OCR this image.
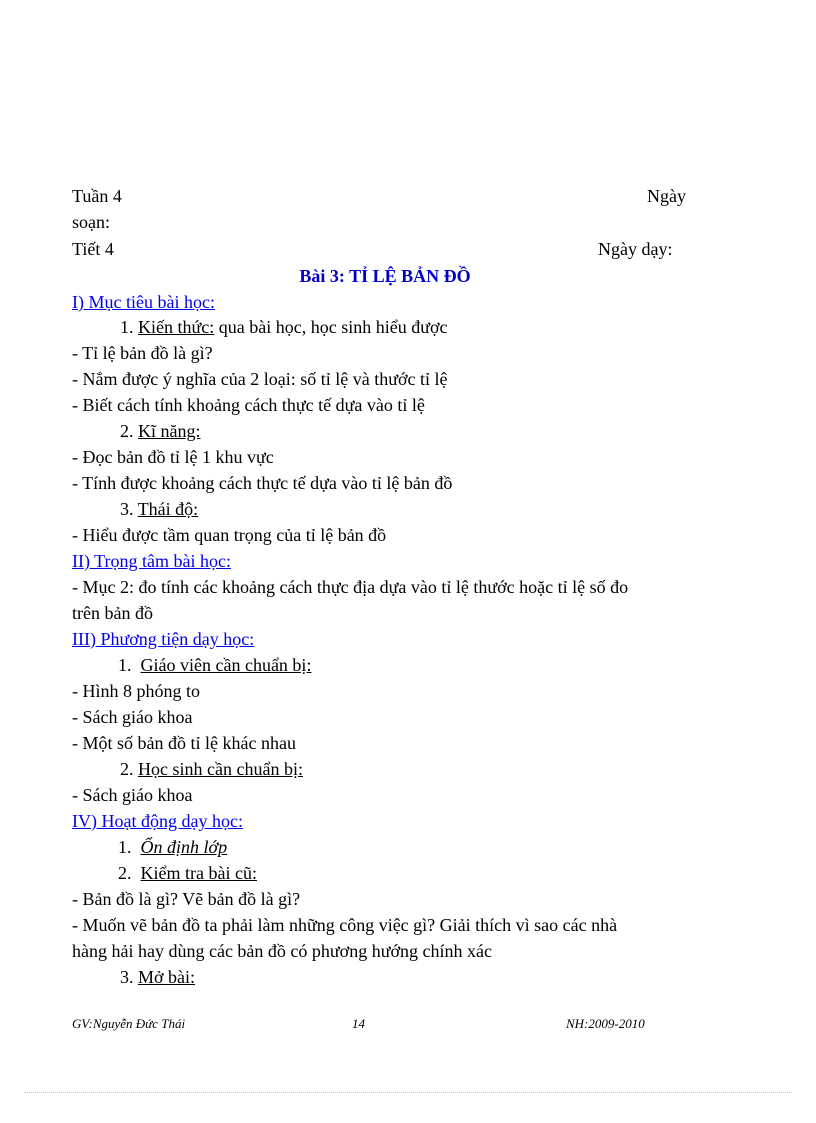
Tuần 4	Ngày
soạn:
Tiết 4	Ngày dạy:
Bài 3: TỈ LỆ BẢN ĐỒ
I) Mục tiêu bài học:
1. Kiến thức: qua bài học, học sinh hiểu được
- Tỉ lệ bản đồ là gì?
- Nắm được ý nghĩa của 2 loại: số tỉ lệ và thước tỉ lệ
- Biết cách tính khoảng cách thực tế dựa vào tỉ lệ
2. Kĩ năng:
- Đọc bản đồ tỉ lệ 1 khu vực
- Tính được khoảng cách thực tế dựa vào tỉ lệ bản đồ
3. Thái độ:
- Hiểu được tầm quan trọng của tỉ lệ bản đồ
II) Trọng tâm bài học:
- Mục 2: đo tính các khoảng cách thực địa dựa vào tỉ lệ thước hoặc tỉ lệ số đo
trên bản đồ
III) Phương tiện dạy học:
1. Giáo viên cần chuẩn bị:
- Hình 8 phóng to
- Sách giáo khoa
- Một số bản đồ tỉ lệ khác nhau
2. Học sinh cần chuẩn bị:
- Sách giáo khoa
IV) Hoạt động dạy học:
1. Ổn định lớp
2. Kiểm tra bài cũ:
- Bản đồ là gì? Vẽ bản đồ là gì?
- Muốn vẽ bản đồ ta phải làm những công việc gì? Giải thích vì sao các nhà
hàng hải hay dùng các bản đồ có phương hướng chính xác
3. Mở bài:
GV:Nguyễn Đức Thái	14	NH:2009-2010
